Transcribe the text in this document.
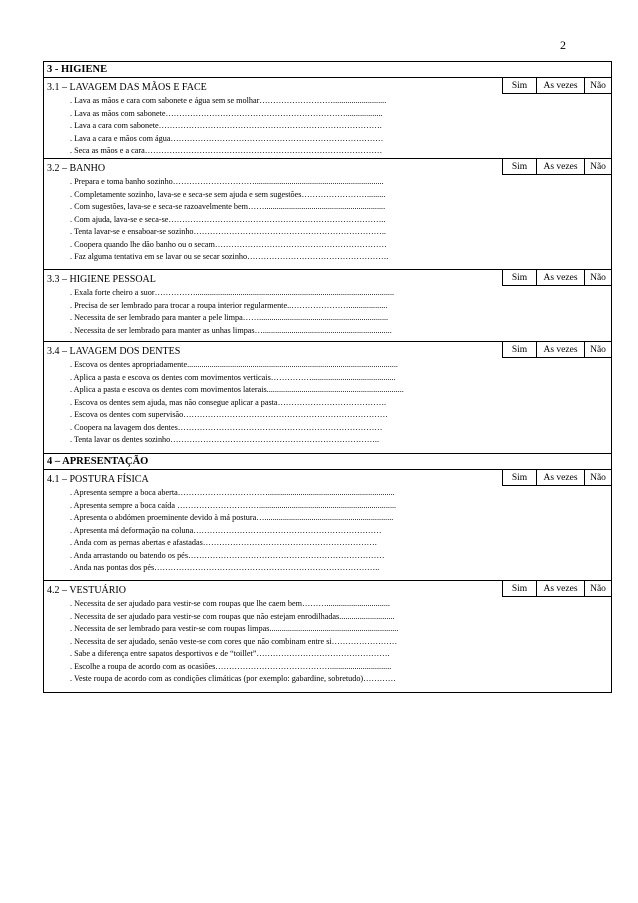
2
3 - HIGIENE
3.1 – LAVAGEM DAS MÃOS E FACE
. Lava as mãos e cara com sabonete e água sem se molhar………………………..........................
. Lava as mãos com sabonete…………………………………………………………..................
. Lava a cara com sabonete……………………………………………………………………….
. Lava a cara e mãos com água……………………………………………………………………
. Seca as mãos e a cara……………………………………………………………………………
Sim	As vezes	Não
3.2 – BANHO
. Prepara e toma banho sozinho…………………………...............................................................
. Completamente sozinho, lava-se e seca-se sem ajuda e sem sugestões…………………….........
. Com sugestões, lava-se e seca-se razoavelmente bem……...........................................................
. Com ajuda, lava-se e seca-se……………………………………………………………………..
. Tenta lavar-se e ensaboar-se sozinho……………………………………………………………..
. Coopera quando lhe dão banho ou o secam………………………………………………………
. Faz alguma tentativa em se lavar ou se secar sozinho…………………………………………….
Sim	As vezes	Não
3.3 – HIGIENE PESSOAL
. Exala forte cheiro a suor…………….................................................................................................
. Precisa de ser lembrado para trocar a roupa interior regularmente..…………………...................
. Necessita de ser lembrado para manter a pele limpa……...............................................................
. Necessita de ser lembrado para manter as unhas limpas…...............................................................
Sim	As vezes	Não
3.4 – LAVAGEM DOS DENTES
. Escova os dentes apropriadamente.......................................................................................................
. Aplica a pasta e escova os dentes com movimentos verticais…………….........................................
. Aplica a pasta e escova os dentes com movimentos laterais...................................................................
. Escova os dentes sem ajuda, mas não consegue aplicar a pasta………………………………….
. Escova os dentes com supervisão…………………………………………………………………
. Coopera na lavagem dos dentes…………………………………………………………………
. Tenta lavar os dentes sozinho…………………………………………………………………..
Sim	As vezes	Não
4 – APRESENTAÇÃO
4.1 – POSTURA FÍSICA
. Apresenta sempre a boca aberta……………………………..............................................................
. Apresenta sempre a boca caída …………………………...................................................................
. Apresenta o abdómen proeminente devido à má postura…...............................................................
. Apresenta má deformação na coluna……………………………………………………………
. Anda com as pernas abertas e afastadas……………………………………………………….
. Anda arrastando ou batendo os pés………………………………………………………………
. Anda nas pontas dos pés………………………………………………………………………..
Sim	As vezes	Não
4.2 – VESTUÁRIO
. Necessita de ser ajudado para vestir-se com roupas que lhe caem bem………...............................
. Necessita de ser ajudado para vestir-se com roupas que não estejam enrodilhadas...........................
. Necessita de ser lembrado para vestir-se com roupas limpas...............................................................
. Necessita de ser ajudado, senão veste-se com cores que não combinam entre si……………………
. Sabe a diferença entre sapatos desportivos e de “toillet”………………………………………….
. Escolhe a roupa de acordo com as ocasiões……………………………………..............................
. Veste roupa de acordo com as condições climáticas (por exemplo: gabardine, sobretudo)…………
Sim	As vezes	Não
